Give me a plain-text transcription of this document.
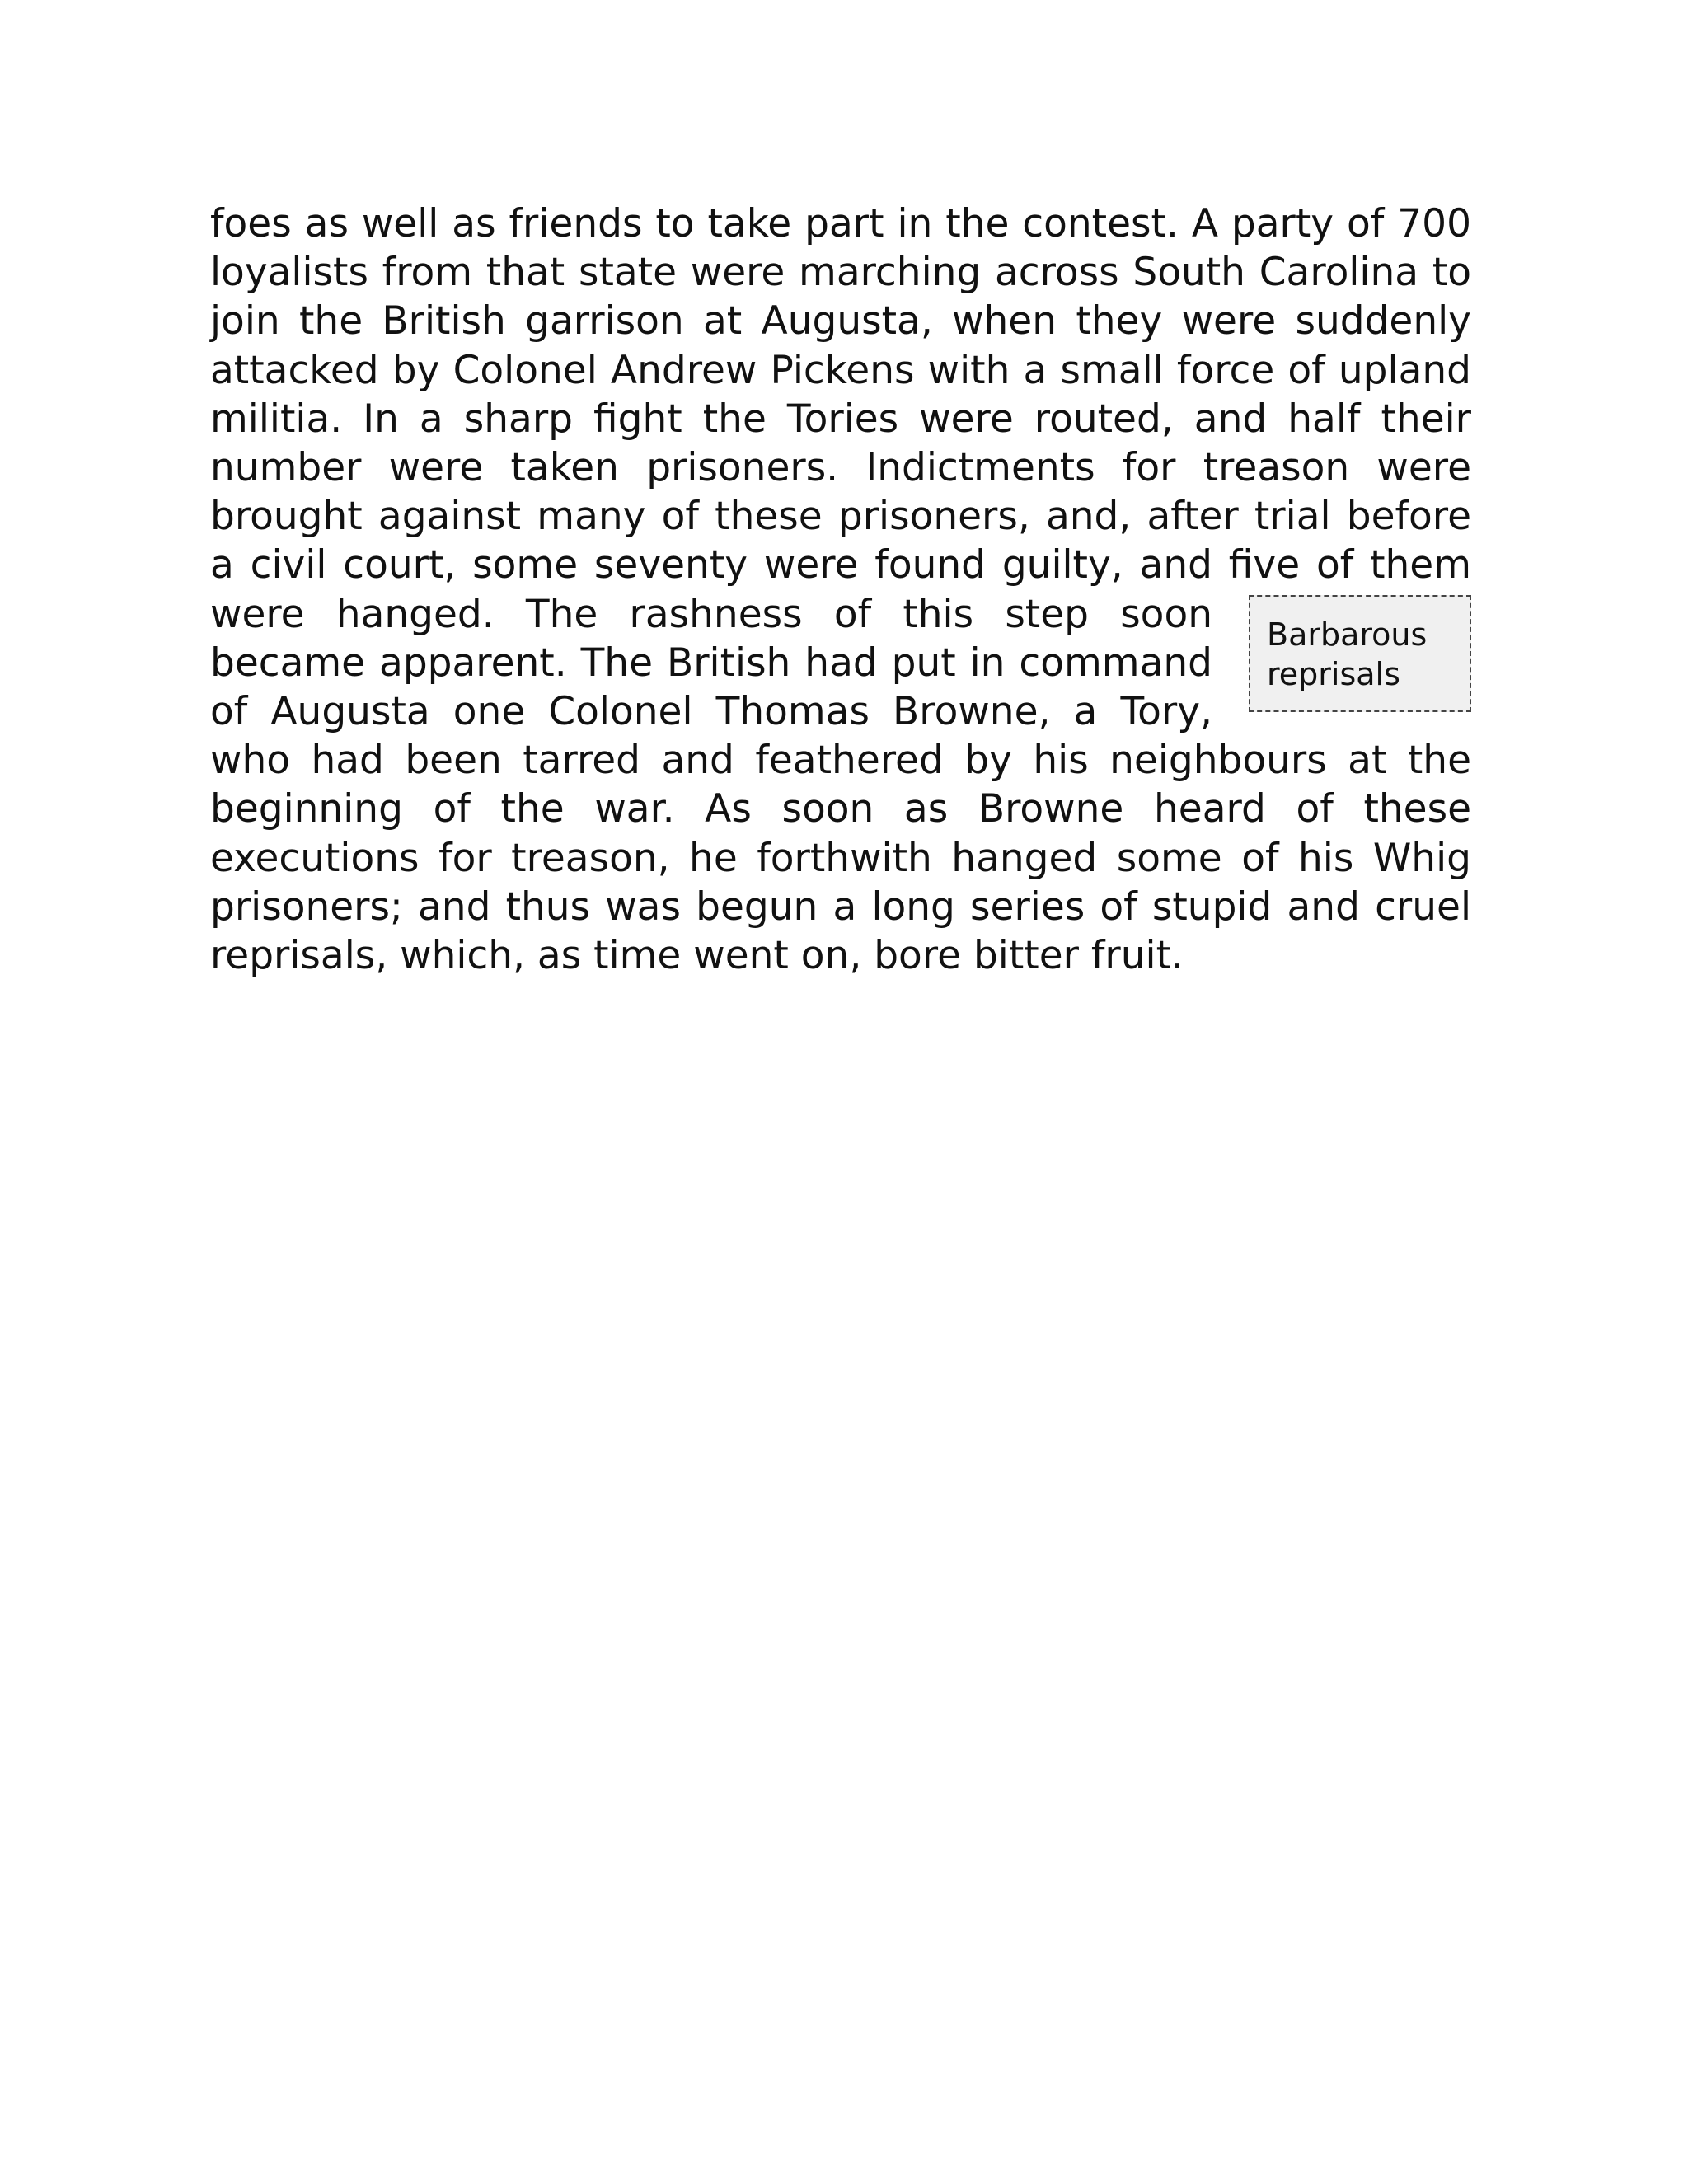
foes as well as friends to take part in the contest. A party of 700 loyalists from that state were marching across South Carolina to join the British garrison at Augusta, when they were suddenly attacked by Colonel Andrew Pickens with a small force of upland militia. In a sharp fight the Tories were routed, and half their number were taken prisoners. Indictments for treason were brought against many of these prisoners, and, after trial before a civil court, some seventy were found guilty, and five of them were hanged. The rashness of	Barbarous
reprisals
this step soon became apparent. The British had put in command of Augusta one Colonel Thomas Browne, a Tory, who had been tarred and feathered by his neighbours at the beginning of the war. As soon as Browne heard of these executions for treason, he forthwith hanged some of his Whig prisoners; and thus was begun a long series of stupid and cruel reprisals, which, as time went on, bore bitter fruit.
